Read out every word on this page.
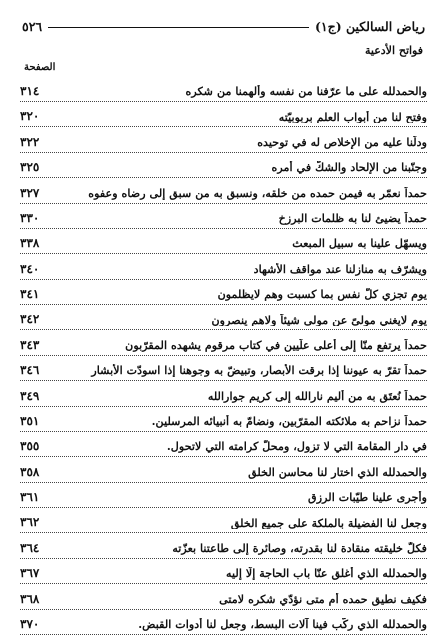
رياض السالكين (ج١)
٥٢٦
فواتح الأدعية
الصفحة
والحمدلله على ما عرّفنا من نفسه وألهمنا من شكره
٣١٤
وفتح لنا من أبواب العلم بربوبيّته
٣٢٠
ودلّنا عليه من الإخلاص له في توحيده
٣٢٢
وجنّبنا من الإلحاد والشكّ في أمره
٣٢٥
حمداً نعمّر به فيمن حمده من خلقه، ونسبق به من سبق إلى رضاه وعفوه
٣٢٧
حمداً يضيئ لنا به ظلمات البرزخ
٣٣٠
ويسهّل علينا به سبيل المبعث
٣٣٨
ويشرّف به منازلنا عند مواقف الأشهاد
٣٤٠
يوم تجزي كلّ نفس بما كسبت وهم لايظلمون
٣٤١
يوم لايغني مولىً عن مولى شيئاً ولاهم ينصرون
٣٤٢
حمداً يرتفع منّا إلى أعلى علّيين في كتاب مرقوم يشهده المقرّبون
٣٤٣
حمداً تقرّ به عيوننا إذا برقت الأبصار، وتبيضّ به وجوهنا إذا اسودّت الأبشار
٣٤٦
حمداً نُعتَق به من أليم نارالله إلى كريم جوارالله
٣٤٩
حمداً نزاحم به ملائكته المقرّبين، ونضامّ به أنبيائه المرسلين.
٣٥١
في دار المقامة التي لا تزول، ومحلّ كرامته التي لاتحول.
٣٥٥
والحمدلله الذي اختار لنا محاسن الخلق
٣٥٨
وأجرى علينا طيّبات الرزق
٣٦١
وجعل لنا الفضيلة بالملكة على جميع الخلق
٣٦٢
فكلّ خليقته منقادة لنا بقدرته، وصائرة إلى طاعتنا بعزّته
٣٦٤
والحمدلله الذي أغلق عنّا باب الحاجة إلّا إليه
٣٦٧
فكيف نطيق حمده أم متى نؤدّي شكره لامتى
٣٦٨
والحمدلله الذي ركّب فينا آلات البسط، وجعل لنا أدوات القبض.
٣٧٠
